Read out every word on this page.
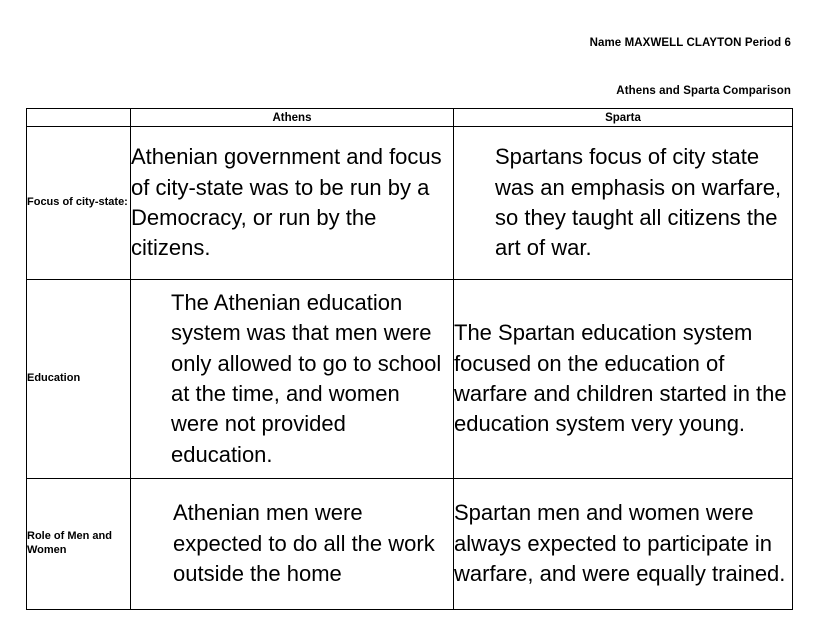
Name MAXWELL CLAYTON Period 6
Athens and Sparta Comparison
	Athens	Sparta
Focus of city-state:	Athenian government and focus of city-state was to be run by a Democracy, or run by the citizens.	Spartans focus of city state was an emphasis on warfare, so they taught all citizens the art of war.
Education	The Athenian education system was that men were only allowed to go to school at the time, and women were not provided education.	The Spartan education system focused on the education of warfare and children started in the education system very young.
Role of Men and Women	Athenian men were expected to do all the work outside the home	Spartan men and women were always expected to participate in warfare, and were equally trained.
